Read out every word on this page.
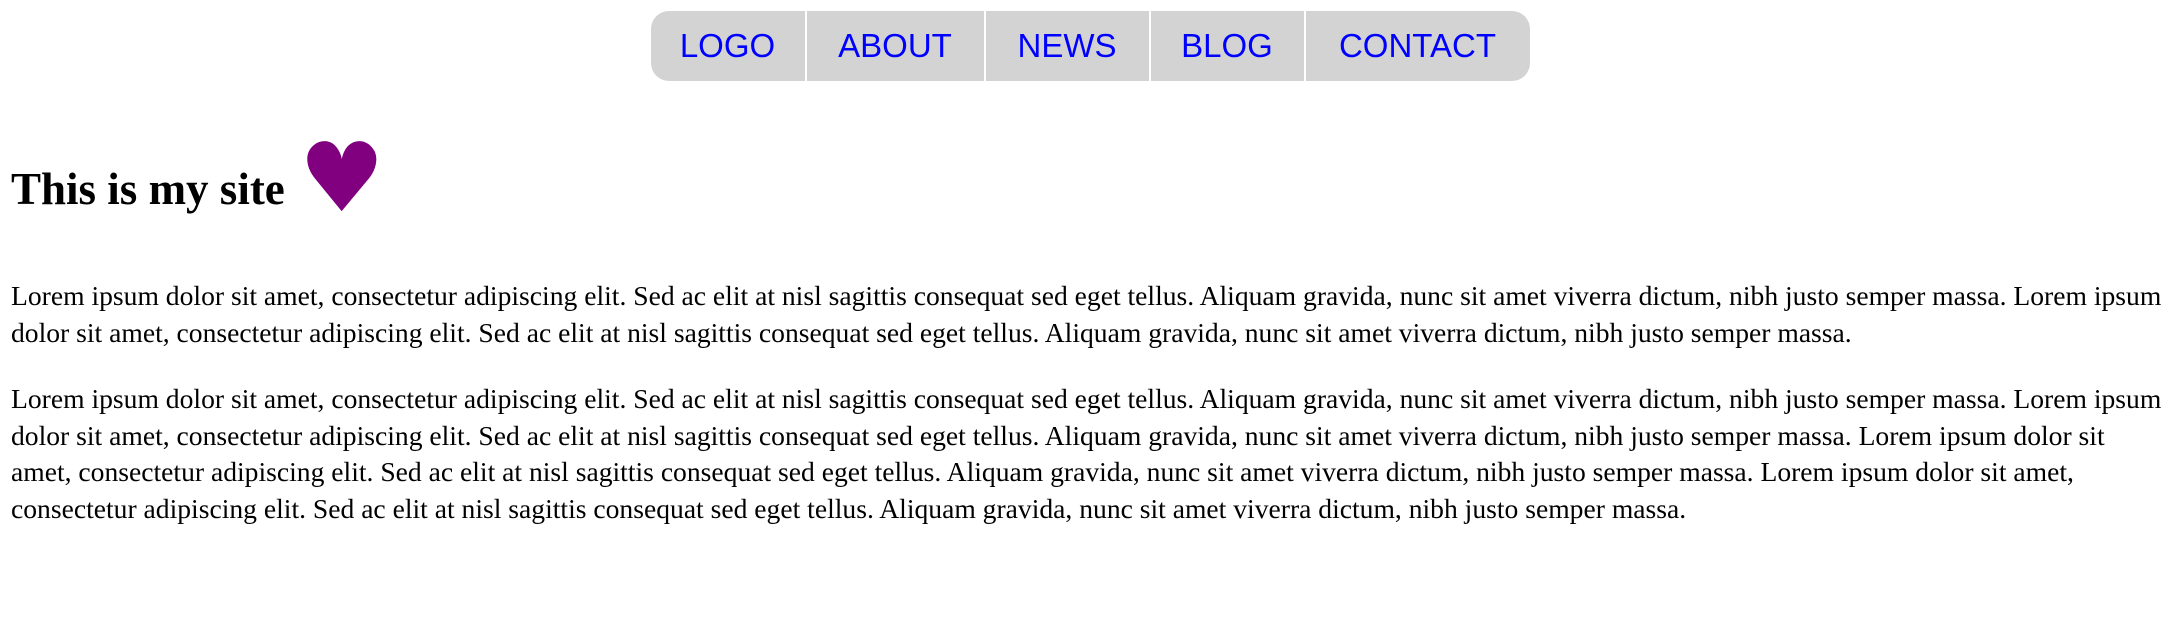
LOGO	ABOUT	NEWS	BLOG	CONTACT
This is my site ♥

Lorem ipsum dolor sit amet, consectetur adipiscing elit. Sed ac elit at nisl sagittis consequat sed eget tellus. Aliquam gravida, nunc sit amet viverra dictum, nibh justo semper massa. Lorem ipsum dolor sit amet, consectetur adipiscing elit. Sed ac elit at nisl sagittis consequat sed eget tellus. Aliquam gravida, nunc sit amet viverra dictum, nibh justo semper massa.

Lorem ipsum dolor sit amet, consectetur adipiscing elit. Sed ac elit at nisl sagittis consequat sed eget tellus. Aliquam gravida, nunc sit amet viverra dictum, nibh justo semper massa. Lorem ipsum dolor sit amet, consectetur adipiscing elit. Sed ac elit at nisl sagittis consequat sed eget tellus. Aliquam gravida, nunc sit amet viverra dictum, nibh justo semper massa. Lorem ipsum dolor sit amet, consectetur adipiscing elit. Sed ac elit at nisl sagittis consequat sed eget tellus. Aliquam gravida, nunc sit amet viverra dictum, nibh justo semper massa. Lorem ipsum dolor sit amet, consectetur adipiscing elit. Sed ac elit at nisl sagittis consequat sed eget tellus. Aliquam gravida, nunc sit amet viverra dictum, nibh justo semper massa.
